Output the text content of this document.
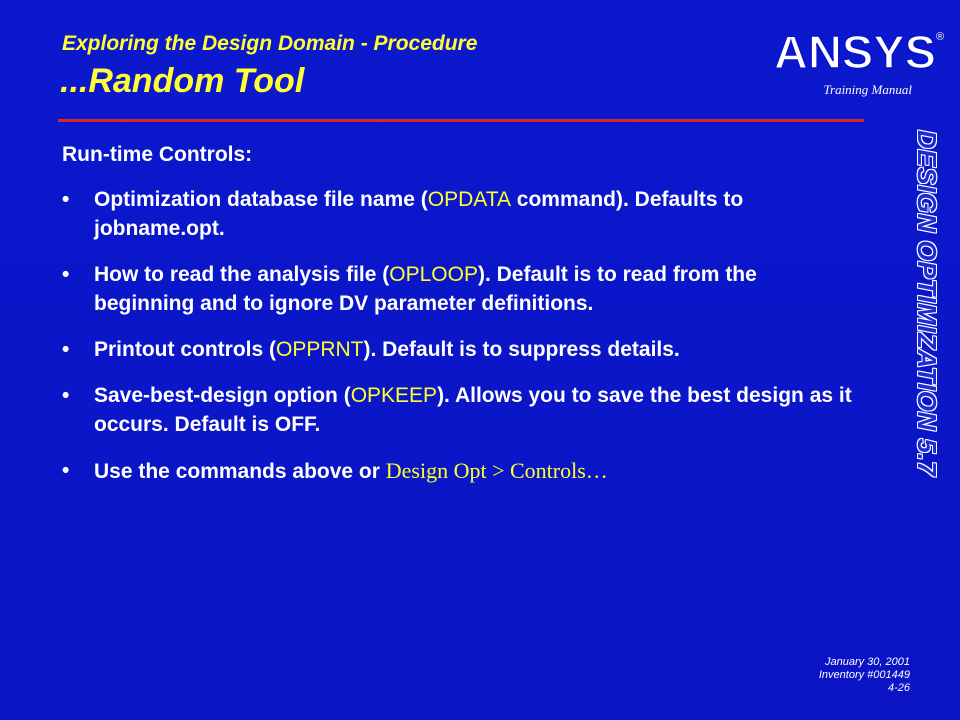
Exploring the Design Domain - Procedure
...Random Tool
ANSYS ®
Training Manual
DESIGN OPTIMIZATION 5.7
Run-time Controls:
• Optimization database file name (OPDATA command). Defaults to jobname.opt.
• How to read the analysis file (OPLOOP). Default is to read from the beginning and to ignore DV parameter definitions.
• Printout controls (OPPRNT). Default is to suppress details.
• Save-best-design option (OPKEEP). Allows you to save the best design as it occurs. Default is OFF.
• Use the commands above or Design Opt > Controls…
January 30, 2001
Inventory #001449
4-26
